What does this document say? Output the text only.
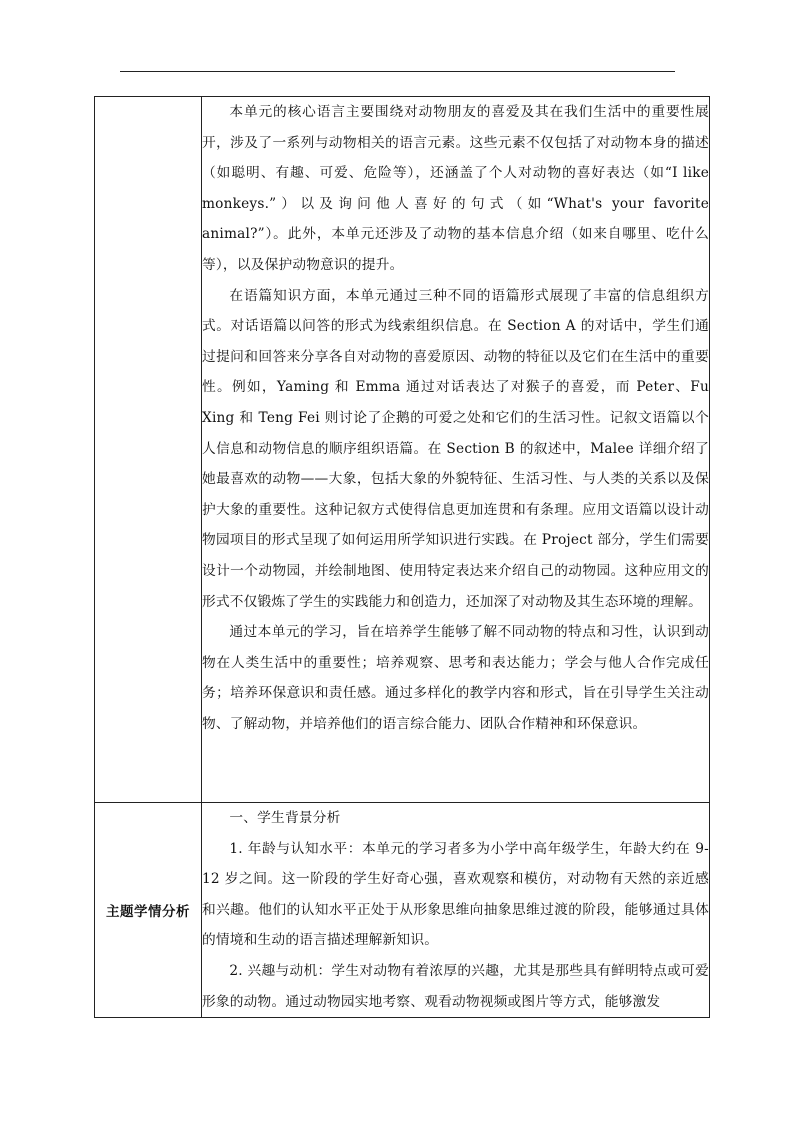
	本单元的核心语言主要围绕对动物朋友的喜爱及其在我们生活中的重要性展开，涉及了一系列与动物相关的语言元素。这些元素不仅包括了对动物本身的描述（如聪明、有趣、可爱、危险等），还涵盖了个人对动物的喜好表达（如“I like monkeys.”）以及询问他人喜好的句式（如“What's your favorite animal?”）。此外，本单元还涉及了动物的基本信息介绍（如来自哪里、吃什么等），以及保护动物意识的提升。

在语篇知识方面，本单元通过三种不同的语篇形式展现了丰富的信息组织方式。对话语篇以问答的形式为线索组织信息。在 Section A 的对话中，学生们通过提问和回答来分享各自对动物的喜爱原因、动物的特征以及它们在生活中的重要性。例如，Yaming 和 Emma 通过对话表达了对猴子的喜爱，而 Peter、Fu Xing 和 Teng Fei 则讨论了企鹅的可爱之处和它们的生活习性。记叙文语篇以个人信息和动物信息的顺序组织语篇。在 Section B 的叙述中，Malee 详细介绍了她最喜欢的动物——大象，包括大象的外貌特征、生活习性、与人类的关系以及保护大象的重要性。这种记叙方式使得信息更加连贯和有条理。应用文语篇以设计动物园项目的形式呈现了如何运用所学知识进行实践。在 Project 部分，学生们需要设计一个动物园，并绘制地图、使用特定表达来介绍自己的动物园。这种应用文的形式不仅锻炼了学生的实践能力和创造力，还加深了对动物及其生态环境的理解。

通过本单元的学习，旨在培养学生能够了解不同动物的特点和习性，认识到动物在人类生活中的重要性；培养观察、思考和表达能力；学会与他人合作完成任务；培养环保意识和责任感。通过多样化的教学内容和形式，旨在引导学生关注动物、了解动物，并培养他们的语言综合能力、团队合作精神和环保意识。

主题学情分析	一、学生背景分析

1. 年龄与认知水平：本单元的学习者多为小学中高年级学生，年龄大约在 9-12 岁之间。这一阶段的学生好奇心强，喜欢观察和模仿，对动物有天然的亲近感和兴趣。他们的认知水平正处于从形象思维向抽象思维过渡的阶段，能够通过具体的情境和生动的语言描述理解新知识。

2. 兴趣与动机：学生对动物有着浓厚的兴趣，尤其是那些具有鲜明特点或可爱形象的动物。通过动物园实地考察、观看动物视频或图片等方式，能够激发
